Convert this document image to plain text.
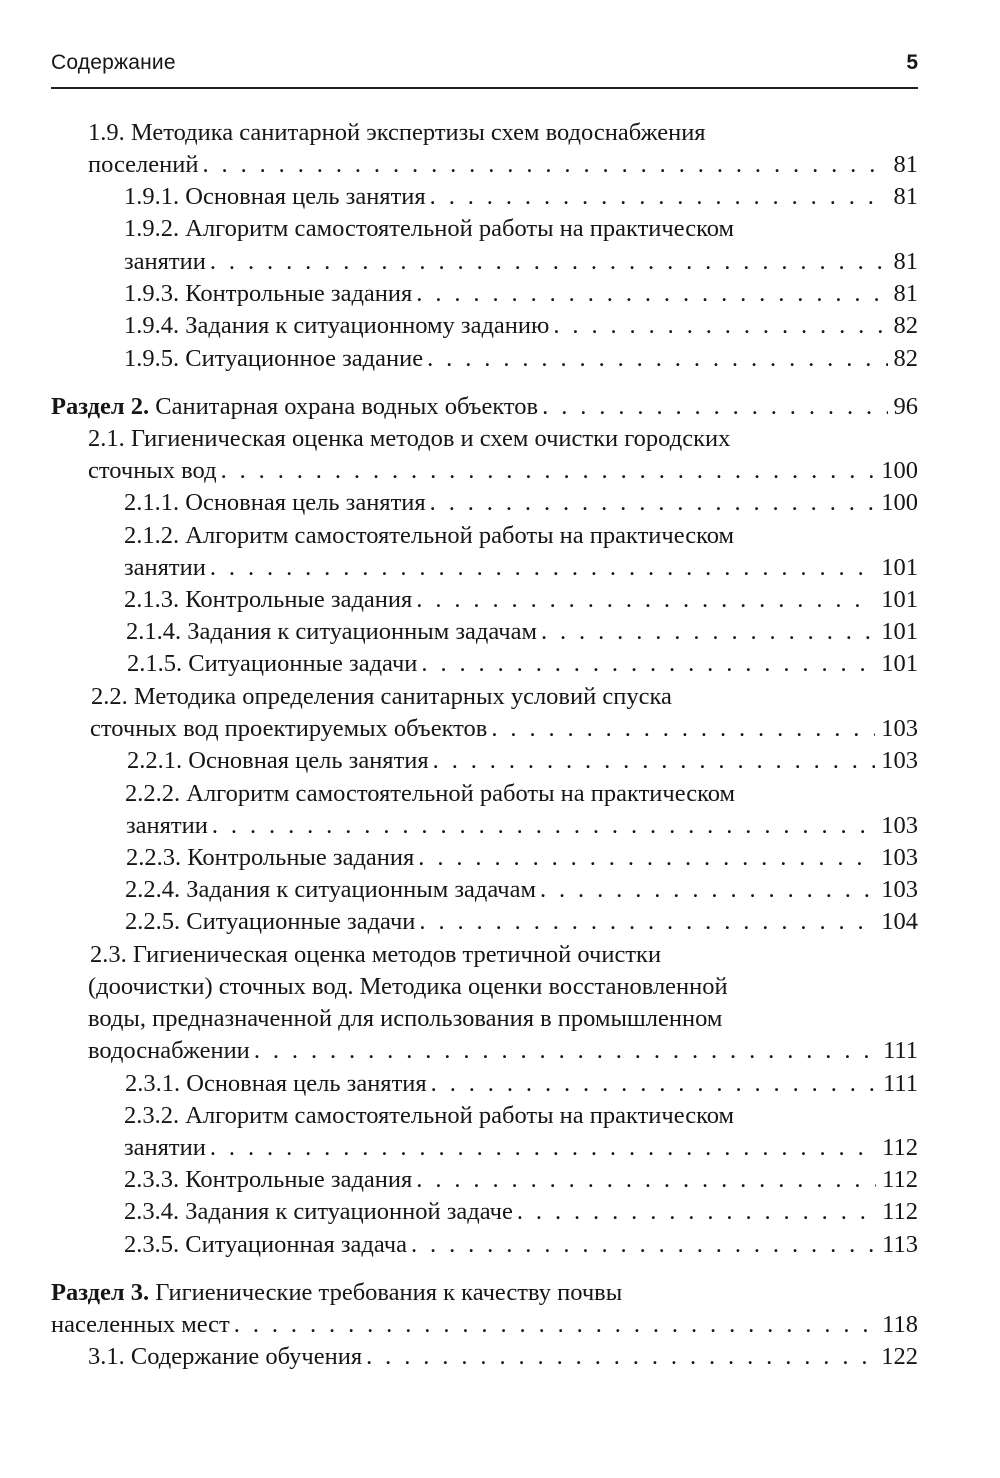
Содержание	5
1.9. Методика санитарной экспертизы схем водоснабжения
поселений . . .	81
1.9.1. Основная цель занятия . . .	81
1.9.2. Алгоритм самостоятельной работы на практическом
занятии . . .	81
1.9.3. Контрольные задания . . .	81
1.9.4. Задания к ситуационному заданию . . .	82
1.9.5. Ситуационное задание . . .	82
Раздел 2. Санитарная охрана водных объектов . . .	96
2.1. Гигиеническая оценка методов и схем очистки городских
сточных вод . . .	100
2.1.1. Основная цель занятия . . .	100
2.1.2. Алгоритм самостоятельной работы на практическом
занятии . . .	101
2.1.3. Контрольные задания . . .	101
2.1.4. Задания к ситуационным задачам . . .	101
2.1.5. Ситуационные задачи . . .	101
2.2. Методика определения санитарных условий спуска
сточных вод проектируемых объектов . . .	103
2.2.1. Основная цель занятия . . .	103
2.2.2. Алгоритм самостоятельной работы на практическом
занятии . . .	103
2.2.3. Контрольные задания . . .	103
2.2.4. Задания к ситуационным задачам . . .	103
2.2.5. Ситуационные задачи . . .	104
2.3. Гигиеническая оценка методов третичной очистки
(доочистки) сточных вод. Методика оценки восстановленной
воды, предназначенной для использования в промышленном
водоснабжении . . .	111
2.3.1. Основная цель занятия . . .	111
2.3.2. Алгоритм самостоятельной работы на практическом
занятии . . .	112
2.3.3. Контрольные задания . . .	112
2.3.4. Задания к ситуационной задаче . . .	112
2.3.5. Ситуационная задача . . .	113
Раздел 3. Гигиенические требования к качеству почвы
населенных мест . . .	118
3.1. Содержание обучения . . .	122
